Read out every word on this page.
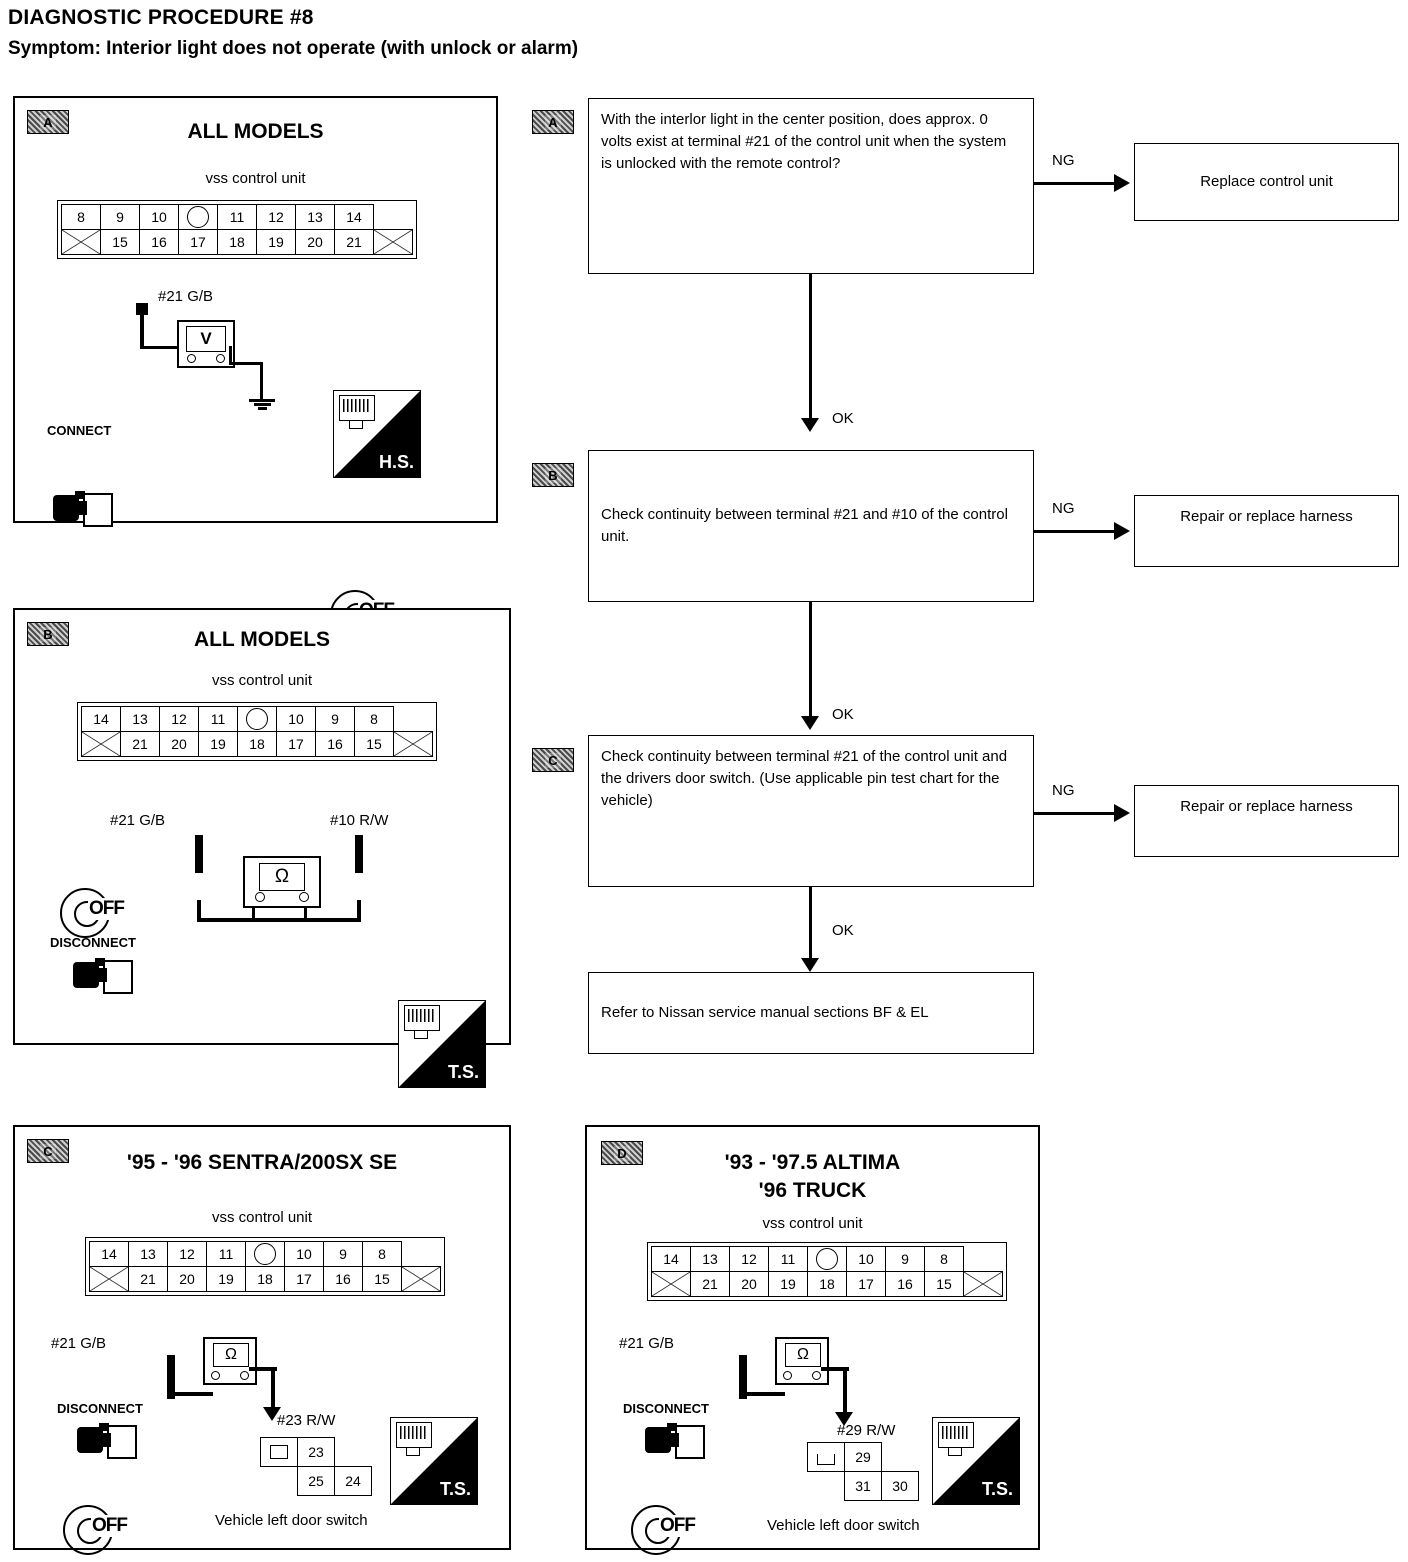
DIAGNOSTIC PROCEDURE #8
Symptom: Interior light does not operate (with unlock or alarm)
A	ALL MODELS
vss control unit
8	9	10		11	12	13	14	
	15	16	17	18	19	20	21	
#21 G/B
V
CONNECT
H.S.
B	ALL MODELS
vss control unit
14	13	12	11		10	9	8	
	21	20	19	18	17	16	15	
#21 G/B	#10 R/W
Ω
DISCONNECT
OFF
T.S.
C	'95 - '96 SENTRA/200SX SE
vss control unit
14	13	12	11		10	9	8	
	21	20	19	18	17	16	15	
#21 G/B
Ω
#23 R/W
DISCONNECT
OFF
T.S.
	23	
	25	24
Vehicle left door switch
D	'93 - '97.5 ALTIMA
'96 TRUCK
vss control unit
14	13	12	11		10	9	8	
	21	20	19	18	17	16	15	
#21 G/B
Ω
#29 R/W
DISCONNECT
OFF
T.S.
	29	
	31	30
Vehicle left door switch
A	With the interlor light in the center position, does approx. 0 volts exist at terminal #21 of the control unit when the system is unlocked with the remote control?	NG
Replace control unit
OK
B
Check continuity between terminal #21 and #10 of the control unit.
NG	Repair or replace harness
OK
C	Check continuity between terminal #21 of the control unit and the drivers door switch. (Use applicable pin test chart for the vehicle)
NG
Repair or replace harness
OK
Refer to Nissan service manual sections BF & EL
